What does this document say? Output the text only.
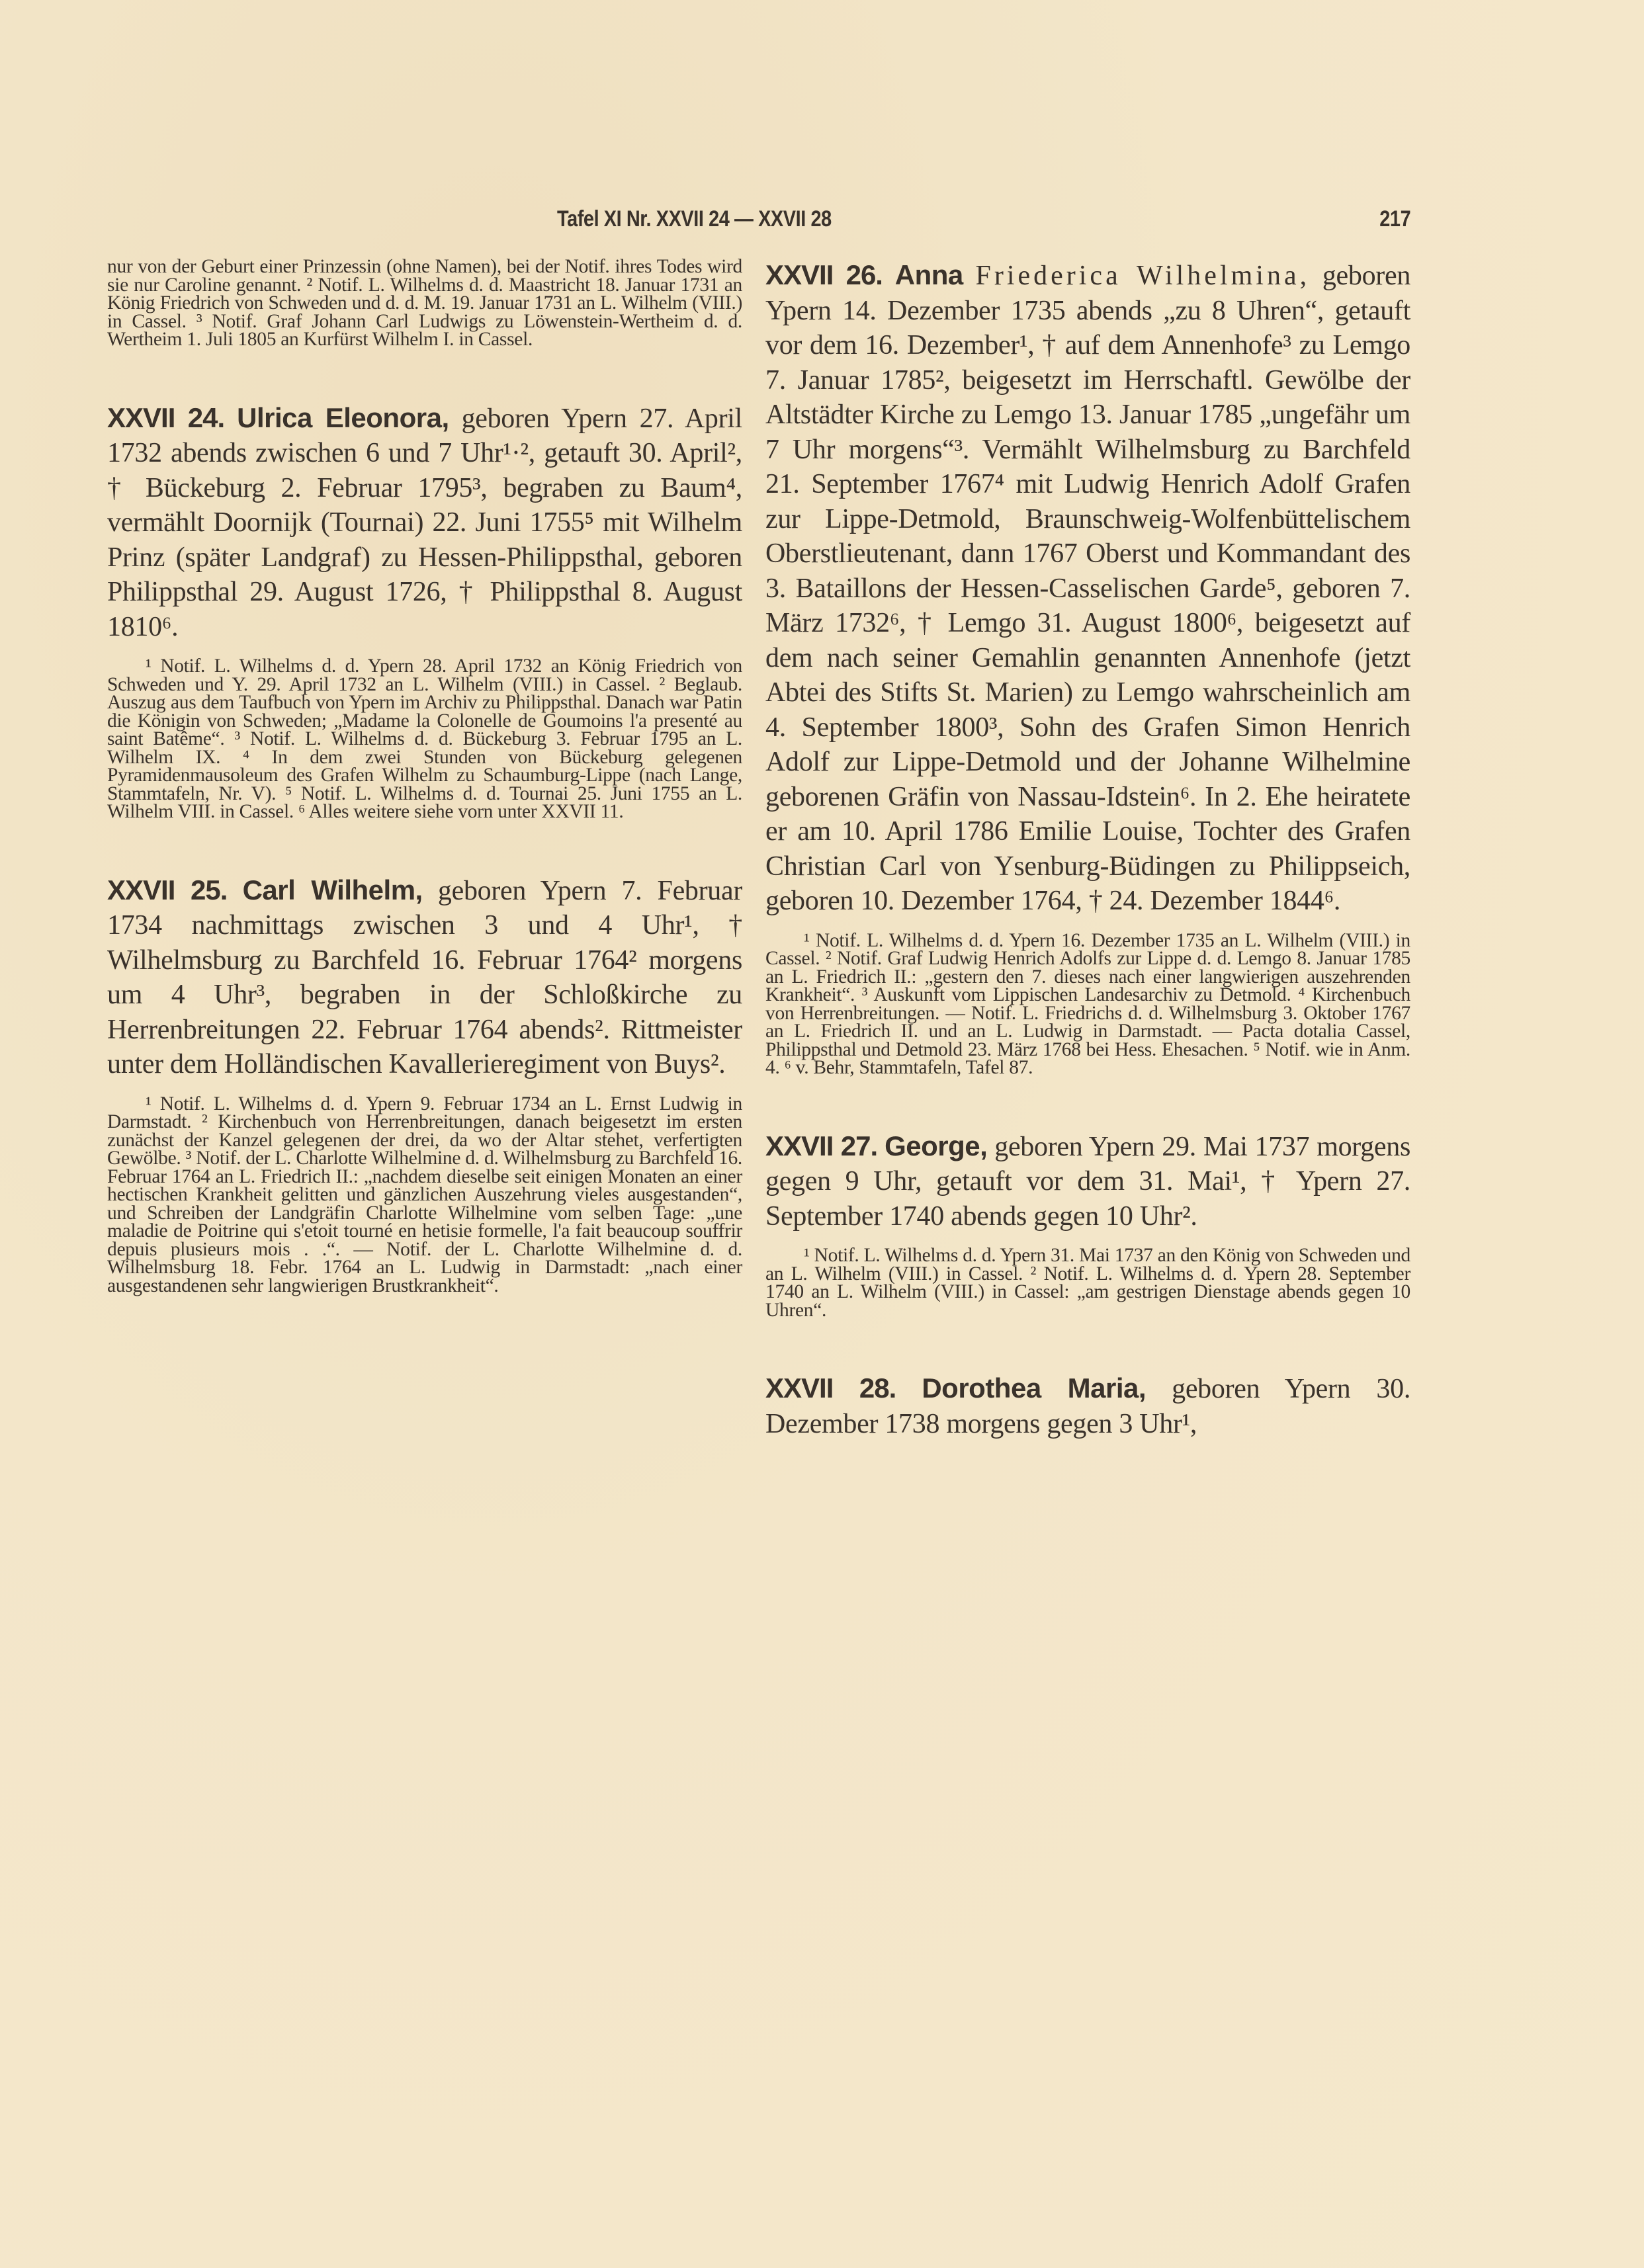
Tafel XI Nr. XXVII 24 — XXVII 28	217
nur von der Geburt einer Prinzessin (ohne Namen), bei der Notif. ihres Todes wird sie nur Caroline genannt. ² Notif. L. Wilhelms d. d. Maastricht 18. Januar 1731 an König Friedrich von Schweden und d. d. M. 19. Januar 1731 an L. Wilhelm (VIII.) in Cassel. ³ Notif. Graf Johann Carl Ludwigs zu Löwenstein-Wertheim d. d. Wertheim 1. Juli 1805 an Kurfürst Wilhelm I. in Cassel.
XXVII 24. Ulrica Eleonora, geboren Ypern 27. April 1732 abends zwischen 6 und 7 Uhr¹·², getauft 30. April², † Bückeburg 2. Februar 1795³, begraben zu Baum⁴, vermählt Doornijk (Tournai) 22. Juni 1755⁵ mit Wilhelm Prinz (später Landgraf) zu Hessen-Philippsthal, geboren Philippsthal 29. August 1726, † Philippsthal 8. August 1810⁶.
¹ Notif. L. Wilhelms d. d. Ypern 28. April 1732 an König Friedrich von Schweden und Y. 29. April 1732 an L. Wilhelm (VIII.) in Cassel. ² Beglaub. Auszug aus dem Taufbuch von Ypern im Archiv zu Philippsthal. Danach war Patin die Königin von Schweden; „Madame la Colonelle de Goumoins l'a presenté au saint Batême“. ³ Notif. L. Wilhelms d. d. Bückeburg 3. Februar 1795 an L. Wilhelm IX. ⁴ In dem zwei Stunden von Bückeburg gelegenen Pyramidenmausoleum des Grafen Wilhelm zu Schaumburg-Lippe (nach Lange, Stammtafeln, Nr. V). ⁵ Notif. L. Wilhelms d. d. Tournai 25. Juni 1755 an L. Wilhelm VIII. in Cassel. ⁶ Alles weitere siehe vorn unter XXVII 11.
XXVII 25. Carl Wilhelm, geboren Ypern 7. Februar 1734 nachmittags zwischen 3 und 4 Uhr¹, † Wilhelmsburg zu Barchfeld 16. Februar 1764² morgens um 4 Uhr³, begraben in der Schloßkirche zu Herrenbreitungen 22. Februar 1764 abends². Rittmeister unter dem Holländischen Kavallerieregiment von Buys².
¹ Notif. L. Wilhelms d. d. Ypern 9. Februar 1734 an L. Ernst Ludwig in Darmstadt. ² Kirchenbuch von Herrenbreitungen, danach beigesetzt im ersten zunächst der Kanzel gelegenen der drei, da wo der Altar stehet, verfertigten Gewölbe. ³ Notif. der L. Charlotte Wilhelmine d. d. Wilhelmsburg zu Barchfeld 16. Februar 1764 an L. Friedrich II.: „nachdem dieselbe seit einigen Monaten an einer hectischen Krankheit gelitten und gänzlichen Auszehrung vieles ausgestanden“, und Schreiben der Landgräfin Charlotte Wilhelmine vom selben Tage: „une maladie de Poitrine qui s'etoit tourné en hetisie formelle, l'a fait beaucoup souffrir depuis plusieurs mois . .“. — Notif. der L. Charlotte Wilhelmine d. d. Wilhelmsburg 18. Febr. 1764 an L. Ludwig in Darmstadt: „nach einer ausgestandenen sehr langwierigen Brustkrankheit“.
XXVII 26. Anna Friederica Wilhelmina, geboren Ypern 14. Dezember 1735 abends „zu 8 Uhren“, getauft vor dem 16. Dezember¹, † auf dem Annenhofe³ zu Lemgo 7. Januar 1785², beigesetzt im Herrschaftl. Gewölbe der Altstädter Kirche zu Lemgo 13. Januar 1785 „ungefähr um 7 Uhr morgens“³. Vermählt Wilhelmsburg zu Barchfeld 21. September 1767⁴ mit Ludwig Henrich Adolf Grafen zur Lippe-Detmold, Braunschweig-Wolfenbüttelischem Oberstlieutenant, dann 1767 Oberst und Kommandant des 3. Bataillons der Hessen-Casselischen Garde⁵, geboren 7. März 1732⁶, † Lemgo 31. August 1800⁶, beigesetzt auf dem nach seiner Gemahlin genannten Annenhofe (jetzt Abtei des Stifts St. Marien) zu Lemgo wahrscheinlich am 4. September 1800³, Sohn des Grafen Simon Henrich Adolf zur Lippe-Detmold und der Johanne Wilhelmine geborenen Gräfin von Nassau-Idstein⁶. In 2. Ehe heiratete er am 10. April 1786 Emilie Louise, Tochter des Grafen Christian Carl von Ysenburg-Büdingen zu Philippseich, geboren 10. Dezember 1764, † 24. Dezember 1844⁶.
¹ Notif. L. Wilhelms d. d. Ypern 16. Dezember 1735 an L. Wilhelm (VIII.) in Cassel. ² Notif. Graf Ludwig Henrich Adolfs zur Lippe d. d. Lemgo 8. Januar 1785 an L. Friedrich II.: „gestern den 7. dieses nach einer langwierigen auszehrenden Krankheit“. ³ Auskunft vom Lippischen Landesarchiv zu Detmold. ⁴ Kirchenbuch von Herrenbreitungen. — Notif. L. Friedrichs d. d. Wilhelmsburg 3. Oktober 1767 an L. Friedrich II. und an L. Ludwig in Darmstadt. — Pacta dotalia Cassel, Philippsthal und Detmold 23. März 1768 bei Hess. Ehesachen. ⁵ Notif. wie in Anm. 4. ⁶ v. Behr, Stammtafeln, Tafel 87.
XXVII 27. George, geboren Ypern 29. Mai 1737 morgens gegen 9 Uhr, getauft vor dem 31. Mai¹, † Ypern 27. September 1740 abends gegen 10 Uhr².
¹ Notif. L. Wilhelms d. d. Ypern 31. Mai 1737 an den König von Schweden und an L. Wilhelm (VIII.) in Cassel. ² Notif. L. Wilhelms d. d. Ypern 28. September 1740 an L. Wilhelm (VIII.) in Cassel: „am gestrigen Dienstage abends gegen 10 Uhren“.
XXVII 28. Dorothea Maria, geboren Ypern 30. Dezember 1738 morgens gegen 3 Uhr¹,
